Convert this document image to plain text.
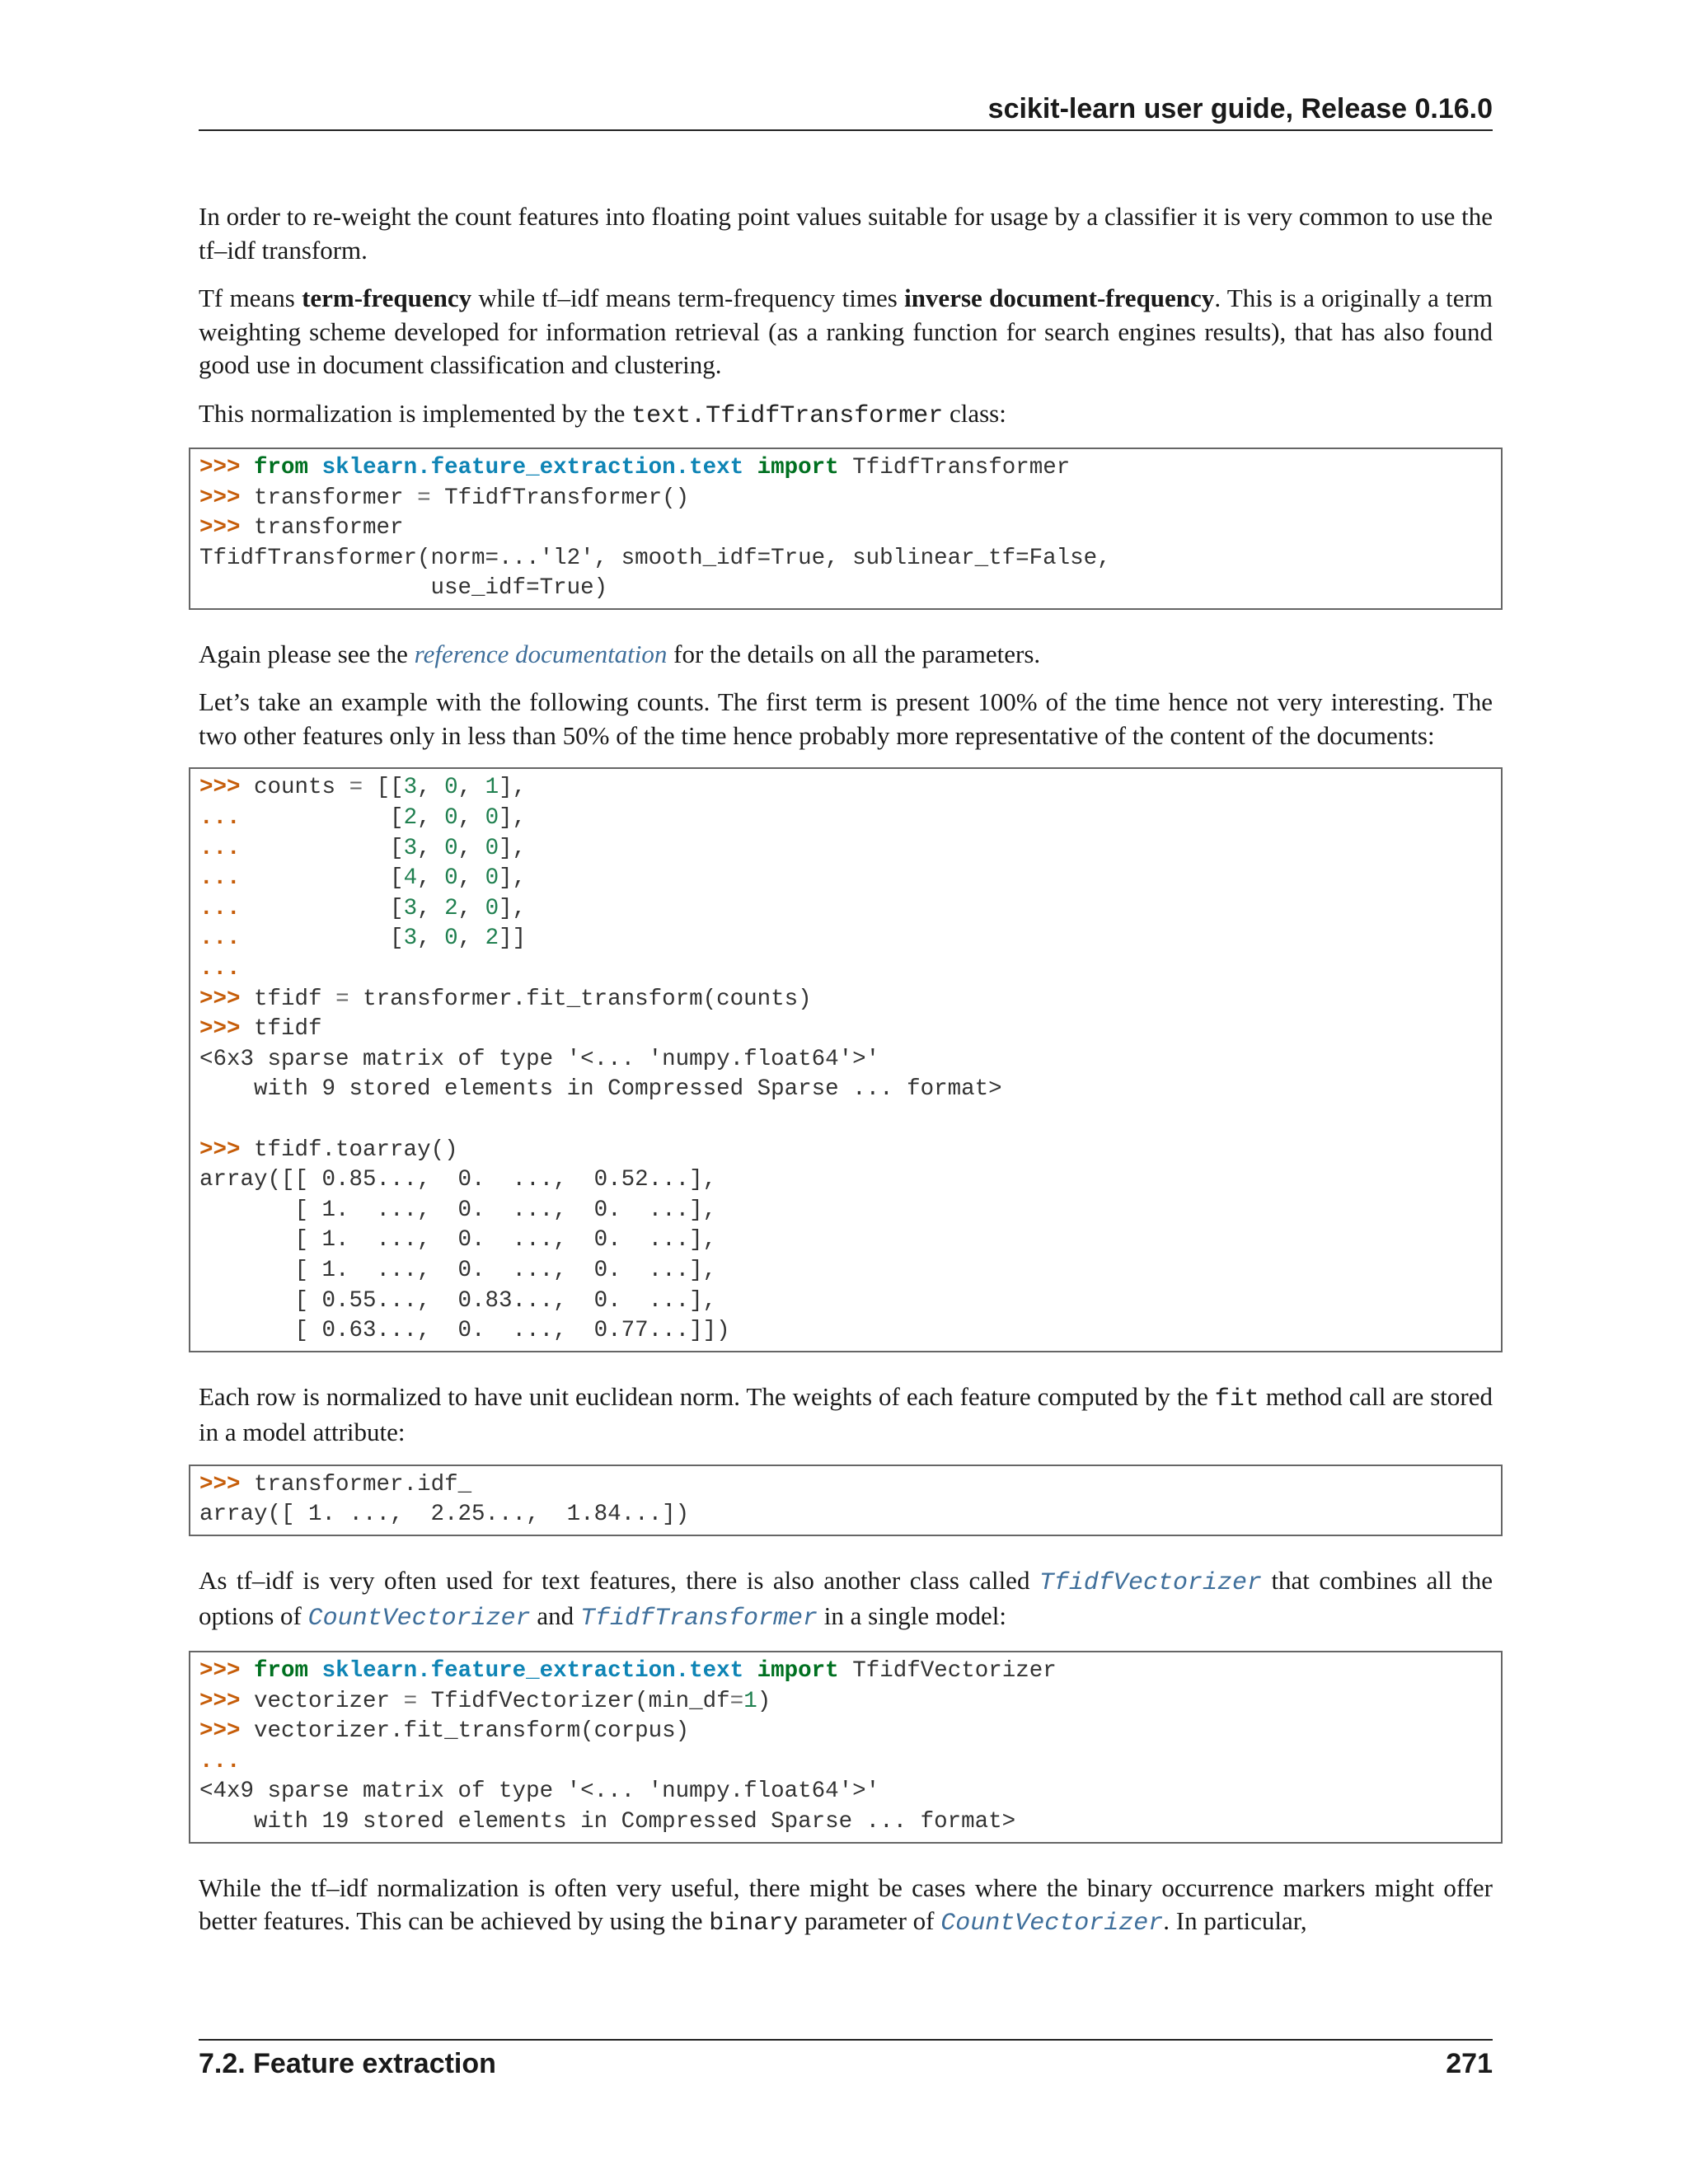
scikit-learn user guide, Release 0.16.0

In order to re-weight the count features into floating point values suitable for usage by a classifier it is very common to use the tf–idf transform.

Tf means term-frequency while tf–idf means term-frequency times inverse document-frequency. This is a originally a term weighting scheme developed for information retrieval (as a ranking function for search engines results), that has also found good use in document classification and clustering.

This normalization is implemented by the text.TfidfTransformer class:

>>> from sklearn.feature_extraction.text import TfidfTransformer
>>> transformer = TfidfTransformer()
>>> transformer
TfidfTransformer(norm=...'l2', smooth_idf=True, sublinear_tf=False,
use_idf=True)

Again please see the reference documentation for the details on all the parameters.

Let’s take an example with the following counts. The first term is present 100% of the time hence not very interesting. The two other features only in less than 50% of the time hence probably more representative of the content of the documents:

>>> counts = [[3, 0, 1],
...           [2, 0, 0],
...           [3, 0, 0],
...           [4, 0, 0],
...           [3, 2, 0],
...           [3, 0, 2]]
...
>>> tfidf = transformer.fit_transform(counts)
>>> tfidf
<6x3 sparse matrix of type '<... 'numpy.float64'>'
with 9 stored elements in Compressed Sparse ... format>

>>> tfidf.toarray()
array([[ 0.85...,  0.  ...,  0.52...],
[ 1.  ...,  0.  ...,  0.  ...],
[ 1.  ...,  0.  ...,  0.  ...],
[ 1.  ...,  0.  ...,  0.  ...],
[ 0.55...,  0.83...,  0.  ...],
[ 0.63...,  0.  ...,  0.77...]])

Each row is normalized to have unit euclidean norm. The weights of each feature computed by the fit method call are stored in a model attribute:

>>> transformer.idf_
array([ 1. ...,  2.25...,  1.84...])

As tf–idf is very often used for text features, there is also another class called TfidfVectorizer that combines all the options of CountVectorizer and TfidfTransformer in a single model:

>>> from sklearn.feature_extraction.text import TfidfVectorizer
>>> vectorizer = TfidfVectorizer(min_df=1)
>>> vectorizer.fit_transform(corpus)
...
<4x9 sparse matrix of type '<... 'numpy.float64'>'
with 19 stored elements in Compressed Sparse ... format>

While the tf–idf normalization is often very useful, there might be cases where the binary occurrence markers might offer better features. This can be achieved by using the binary parameter of CountVectorizer. In particular,

7.2. Feature extraction	271
